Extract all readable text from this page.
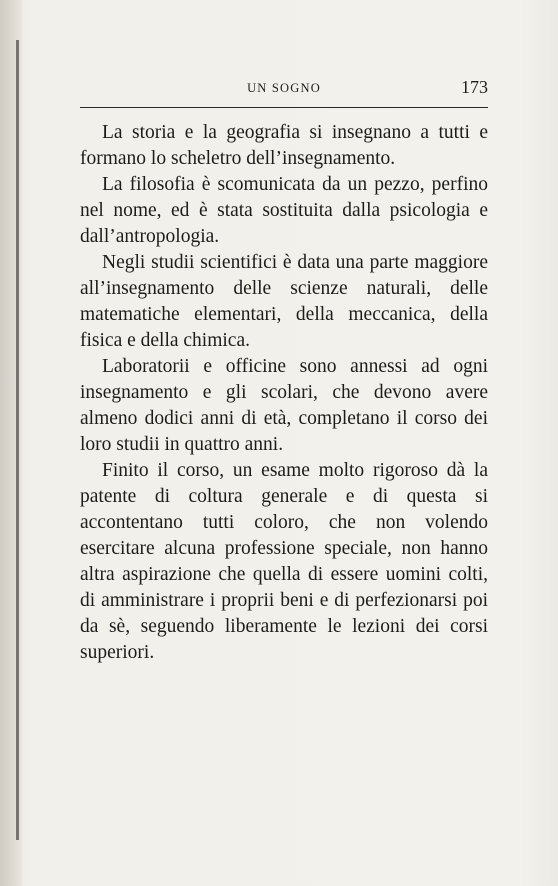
UN SOGNO	173

La storia e la geografia si insegnano a tutti e formano lo scheletro dell’insegnamento.

La filosofia è scomunicata da un pezzo, perfino nel nome, ed è stata sostituita dalla psicologia e dall’antropologia.

Negli studii scientifici è data una parte maggiore all’insegnamento delle scienze naturali, delle matematiche elementari, della meccanica, della fisica e della chimica.

Laboratorii e officine sono annessi ad ogni insegnamento e gli scolari, che devono avere almeno dodici anni di età, completano il corso dei loro studii in quattro anni.

Finito il corso, un esame molto rigoroso dà la patente di coltura generale e di questa si accontentano tutti coloro, che non volendo esercitare alcuna professione speciale, non hanno altra aspirazione che quella di essere uomini colti, di amministrare i proprii beni e di perfezionarsi poi da sè, seguendo liberamente le lezioni dei corsi superiori.
